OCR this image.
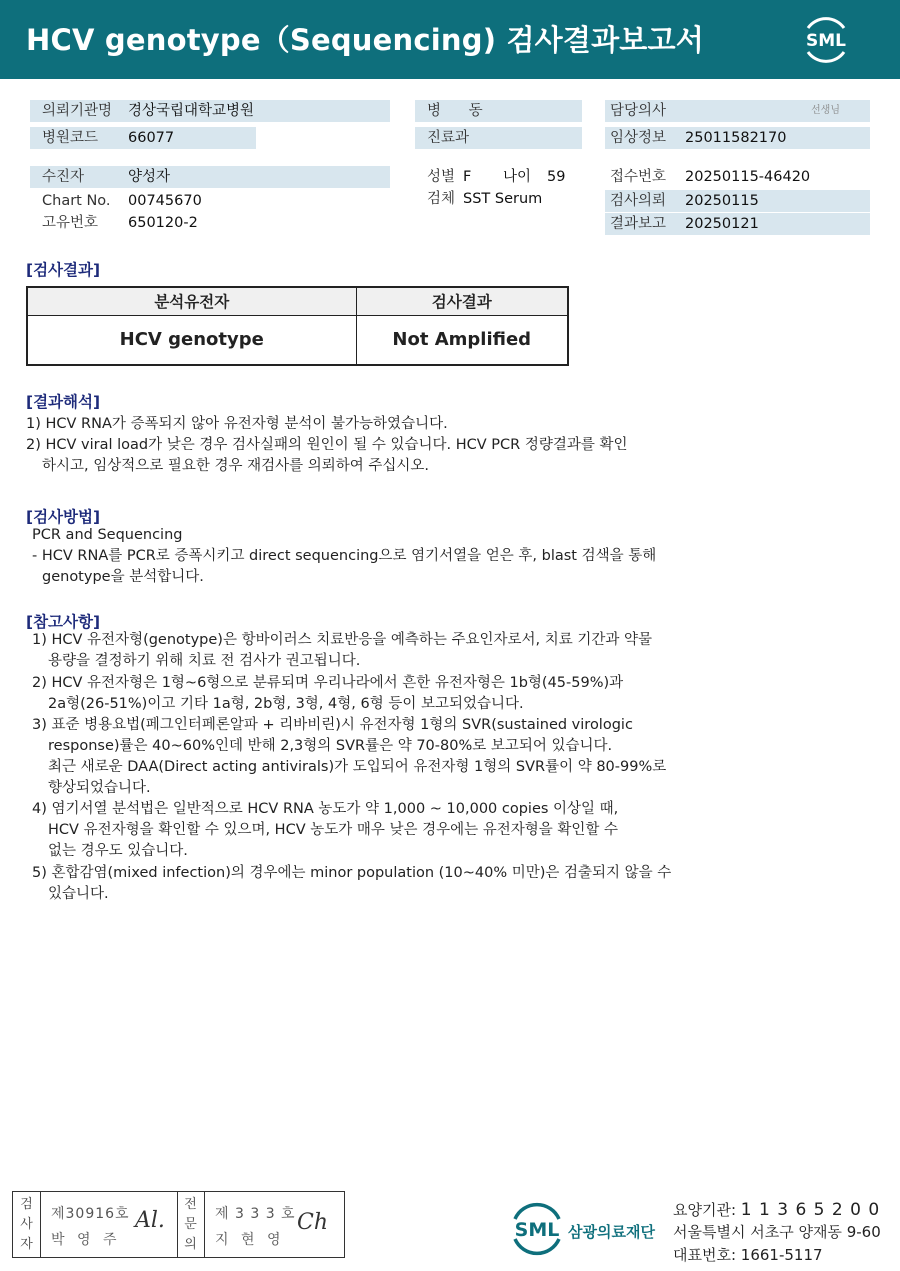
HCV genotype（Sequencing) 검사결과보고서	SML
의뢰기관명 경상국립대학교병원
병원코드 66077
병      동
진료과
담당의사	선생님
임상정보 25011582170
수진자	양성자
Chart No. 00745670
고유번호 650120-2
성별 F 나이 59
검체 SST Serum
접수번호 20250115-46420
검사의뢰 20250115
결과보고 20250121
[검사결과]
분석유전자	검사결과
HCV genotype	Not Amplified
[결과해석]
1) HCV RNA가 증폭되지 않아 유전자형 분석이 불가능하였습니다.
2) HCV viral load가 낮은 경우 검사실패의 원인이 될 수 있습니다. HCV PCR 정량결과를 확인
하시고, 임상적으로 필요한 경우 재검사를 의뢰하여 주십시오.
[검사방법]
PCR and Sequencing
- HCV RNA를 PCR로 증폭시키고 direct sequencing으로 염기서열을 얻은 후, blast 검색을 통해
genotype을 분석합니다.
[참고사항]
1) HCV 유전자형(genotype)은 항바이러스 치료반응을 예측하는 주요인자로서, 치료 기간과 약물
용량을 결정하기 위해 치료 전 검사가 권고됩니다.
2) HCV 유전자형은 1형~6형으로 분류되며 우리나라에서 흔한 유전자형은 1b형(45-59%)과
2a형(26-51%)이고 기타 1a형, 2b형, 3형, 4형, 6형 등이 보고되었습니다.
3) 표준 병용요법(페그인터페론알파 + 리바비린)시 유전자형 1형의 SVR(sustained virologic
response)률은 40~60%인데 반해 2,3형의 SVR률은 약 70-80%로 보고되어 있습니다.
최근 새로운 DAA(Direct acting antivirals)가 도입되어 유전자형 1형의 SVR률이 약 80-99%로
향상되었습니다.
4) 염기서열 분석법은 일반적으로 HCV RNA 농도가 약 1,000 ~ 10,000 copies 이상일 때,
HCV 유전자형을 확인할 수 있으며, HCV 농도가 매우 낮은 경우에는 유전자형을 확인할 수
없는 경우도 있습니다.
5) 혼합감염(mixed infection)의 경우에는 minor population (10~40% 미만)은 검출되지 않을 수
있습니다.
검
사
자
제30916호
박 영 주
Al.
전
문
의
제 3 3 3 호
지 현 영
Ch	SML 삼광의료재단
요양기관: 1 1 3 6 5 2 0 0
서울특별시 서초구 양재동 9-60
대표번호: 1661-5117
